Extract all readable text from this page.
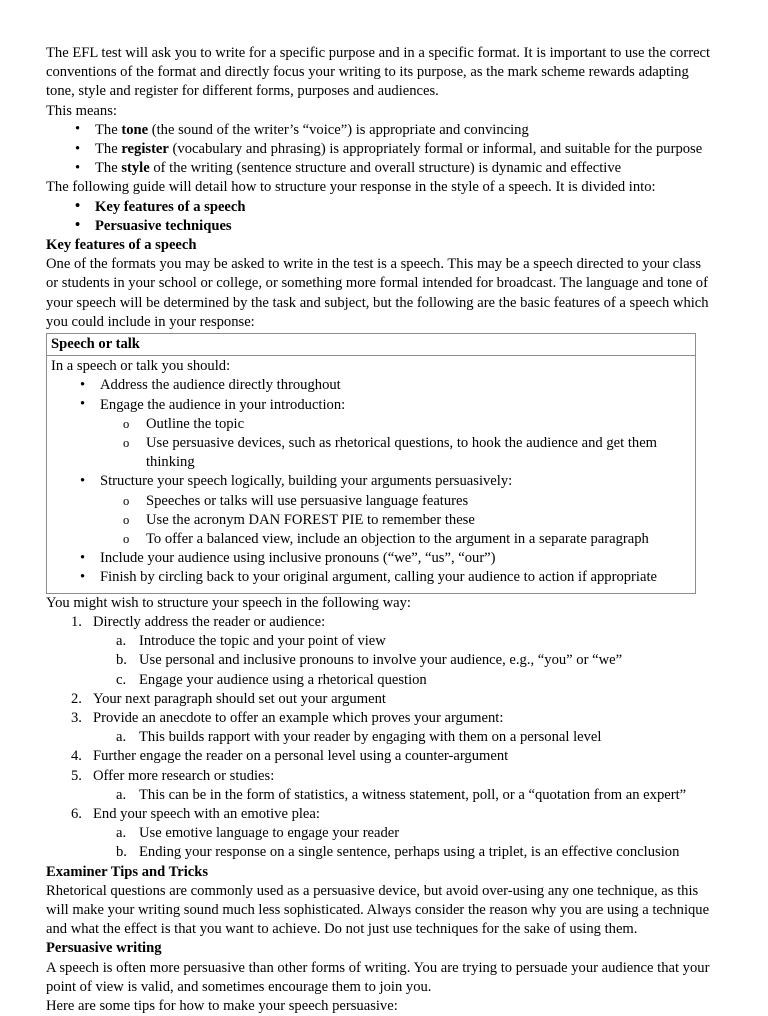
The EFL test will ask you to write for a specific purpose and in a specific format. It is important to use the correct conventions of the format and directly focus your writing to its purpose, as the mark scheme rewards adapting tone, style and register for different forms, purposes and audiences.

This means:

• The tone (the sound of the writer’s “voice”) is appropriate and convincing
• The register (vocabulary and phrasing) is appropriately formal or informal, and suitable for the purpose
• The style of the writing (sentence structure and overall structure) is dynamic and effective

The following guide will detail how to structure your response in the style of a speech. It is divided into:

• Key features of a speech
• Persuasive techniques

Key features of a speech

One of the formats you may be asked to write in the test is a speech. This may be a speech directed to your class or students in your school or college, or something more formal intended for broadcast. The language and tone of your speech will be determined by the task and subject, but the following are the basic features of a speech which you could include in your response:

Speech or talk

In a speech or talk you should:

• Address the audience directly throughout
• Engage the audience in your introduction:
o Outline the topic
o Use persuasive devices, such as rhetorical questions, to hook the audience and get them thinking
• Structure your speech logically, building your arguments persuasively:
o Speeches or talks will use persuasive language features
o Use the acronym DAN FOREST PIE to remember these
o To offer a balanced view, include an objection to the argument in a separate paragraph
• Include your audience using inclusive pronouns (“we”, “us”, “our”)
• Finish by circling back to your original argument, calling your audience to action if appropriate

You might wish to structure your speech in the following way:

Directly address the reader or audience:
Introduce the topic and your point of view
Use personal and inclusive pronouns to involve your audience, e.g., “you” or “we”
Engage your audience using a rhetorical question
Your next paragraph should set out your argument
Provide an anecdote to offer an example which proves your argument:
This builds rapport with your reader by engaging with them on a personal level
Further engage the reader on a personal level using a counter-argument
Offer more research or studies:
This can be in the form of statistics, a witness statement, poll, or a “quotation from an expert”
End your speech with an emotive plea:
Use emotive language to engage your reader
Ending your response on a single sentence, perhaps using a triplet, is an effective conclusion

Examiner Tips and Tricks

Rhetorical questions are commonly used as a persuasive device, but avoid over-using any one technique, as this will make your writing sound much less sophisticated. Always consider the reason why you are using a technique and what the effect is that you want to achieve. Do not just use techniques for the sake of using them.

Persuasive writing

A speech is often more persuasive than other forms of writing. You are trying to persuade your audience that your point of view is valid, and sometimes encourage them to join you.

Here are some tips for how to make your speech persuasive:
